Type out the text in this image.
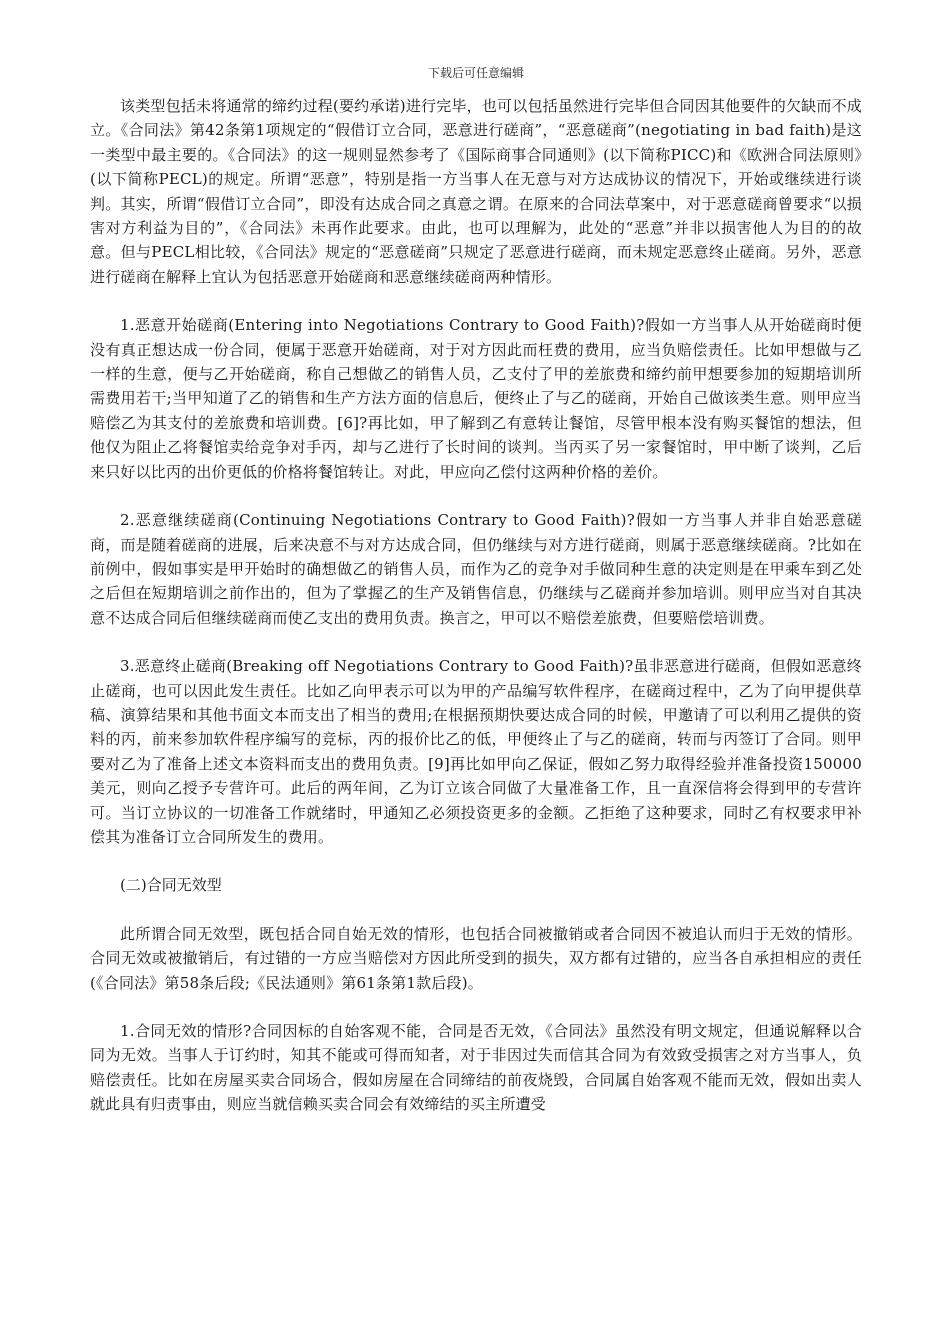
下载后可任意编辑

该类型包括未将通常的缔约过程(要约承诺)进行完毕，也可以包括虽然进行完毕但合同因其他要件的欠缺而不成立。《合同法》第42条第1项规定的“假借订立合同，恶意进行磋商”，“恶意磋商”(negotiating in bad faith)是这一类型中最主要的。《合同法》的这一规则显然参考了《国际商事合同通则》(以下简称PICC)和《欧洲合同法原则》(以下简称PECL)的规定。所谓“恶意”，特别是指一方当事人在无意与对方达成协议的情况下，开始或继续进行谈判。其实，所谓“假借订立合同”，即没有达成合同之真意之谓。在原来的合同法草案中，对于恶意磋商曾要求“以损害对方利益为目的”，《合同法》未再作此要求。由此，也可以理解为，此处的“恶意”并非以损害他人为目的的故意。但与PECL相比较，《合同法》规定的“恶意磋商”只规定了恶意进行磋商，而未规定恶意终止磋商。另外，恶意进行磋商在解释上宜认为包括恶意开始磋商和恶意继续磋商两种情形。

1.恶意开始磋商(Entering into Negotiations Contrary to Good Faith)?假如一方当事人从开始磋商时便没有真正想达成一份合同，便属于恶意开始磋商，对于对方因此而枉费的费用，应当负赔偿责任。比如甲想做与乙一样的生意，便与乙开始磋商，称自己想做乙的销售人员，乙支付了甲的差旅费和缔约前甲想要参加的短期培训所需费用若干;当甲知道了乙的销售和生产方法方面的信息后，便终止了与乙的磋商，开始自己做该类生意。则甲应当赔偿乙为其支付的差旅费和培训费。[6]?再比如，甲了解到乙有意转让餐馆，尽管甲根本没有购买餐馆的想法，但他仅为阻止乙将餐馆卖给竞争对手丙，却与乙进行了长时间的谈判。当丙买了另一家餐馆时，甲中断了谈判，乙后来只好以比丙的出价更低的价格将餐馆转让。对此，甲应向乙偿付这两种价格的差价。

2.恶意继续磋商(Continuing Negotiations Contrary to Good Faith)?假如一方当事人并非自始恶意磋商，而是随着磋商的进展，后来决意不与对方达成合同，但仍继续与对方进行磋商，则属于恶意继续磋商。?比如在前例中，假如事实是甲开始时的确想做乙的销售人员，而作为乙的竞争对手做同种生意的决定则是在甲乘车到乙处之后但在短期培训之前作出的，但为了掌握乙的生产及销售信息，仍继续与乙磋商并参加培训。则甲应当对自其决意不达成合同后但继续磋商而使乙支出的费用负责。换言之，甲可以不赔偿差旅费，但要赔偿培训费。

3.恶意终止磋商(Breaking off Negotiations Contrary to Good Faith)?虽非恶意进行磋商，但假如恶意终止磋商，也可以因此发生责任。比如乙向甲表示可以为甲的产品编写软件程序，在磋商过程中，乙为了向甲提供草稿、演算结果和其他书面文本而支出了相当的费用;在根据预期快要达成合同的时候，甲邀请了可以利用乙提供的资料的丙，前来参加软件程序编写的竞标，丙的报价比乙的低，甲便终止了与乙的磋商，转而与丙签订了合同。则甲要对乙为了准备上述文本资料而支出的费用负责。[9]再比如甲向乙保证，假如乙努力取得经验并准备投资150000美元，则向乙授予专营许可。此后的两年间，乙为订立该合同做了大量准备工作，且一直深信将会得到甲的专营许可。当订立协议的一切准备工作就绪时，甲通知乙必须投资更多的金额。乙拒绝了这种要求，同时乙有权要求甲补偿其为准备订立合同所发生的费用。

(二)合同无效型

此所谓合同无效型，既包括合同自始无效的情形，也包括合同被撤销或者合同因不被追认而归于无效的情形。合同无效或被撤销后，有过错的一方应当赔偿对方因此所受到的损失，双方都有过错的，应当各自承担相应的责任(《合同法》第58条后段;《民法通则》第61条第1款后段)。

1.合同无效的情形?合同因标的自始客观不能，合同是否无效，《合同法》虽然没有明文规定，但通说解释以合同为无效。当事人于订约时，知其不能或可得而知者，对于非因过失而信其合同为有效致受损害之对方当事人，负赔偿责任。比如在房屋买卖合同场合，假如房屋在合同缔结的前夜烧毁，合同属自始客观不能而无效，假如出卖人就此具有归责事由，则应当就信赖买卖合同会有效缔结的买主所遭受
